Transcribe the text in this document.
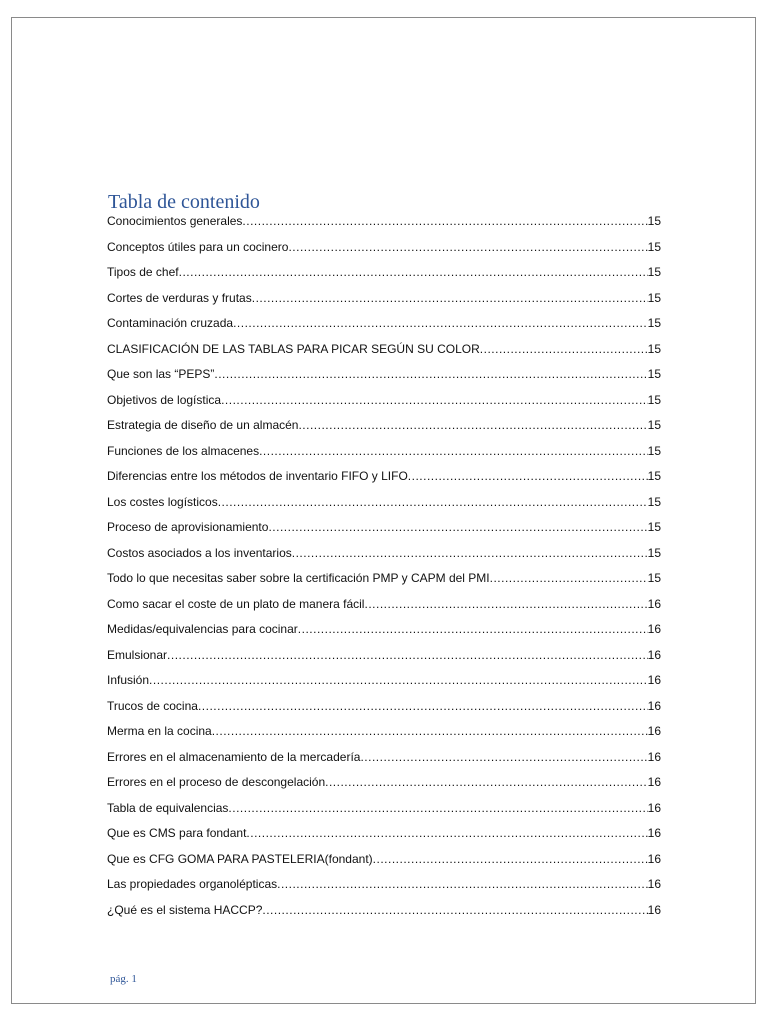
Tabla de contenido
Conocimientos generales .....	15
Conceptos útiles para un cocinero .....	15
Tipos de chef .....	15
Cortes de verduras y frutas .....	15
Contaminación cruzada .....	15
CLASIFICACIÓN DE LAS TABLAS PARA PICAR SEGÚN SU COLOR .....	15
Que son las “PEPS” .....	15
Objetivos de logística .....	15
Estrategia de diseño de un almacén .....	15
Funciones de los almacenes .....	15
Diferencias entre los métodos de inventario FIFO y LIFO .....	15
Los costes logísticos .....	15
Proceso de aprovisionamiento .....	15
Costos asociados a los inventarios .....	15
Todo lo que necesitas saber sobre la certificación PMP y CAPM del PMI .....	15
Como sacar el coste de un plato de manera fácil .....	16
Medidas/equivalencias para cocinar .....	16
Emulsionar .....	16
Infusión .....	16
Trucos de cocina .....	16
Merma en la cocina .....	16
Errores en el almacenamiento de la mercadería .....	16
Errores en el proceso de descongelación .....	16
Tabla de equivalencias .....	16
Que es CMS para fondant .....	16
Que es CFG GOMA PARA PASTELERIA(fondant) .....	16
Las propiedades organolépticas .....	16
¿Qué es el sistema HACCP? .....	16
pág. 1
